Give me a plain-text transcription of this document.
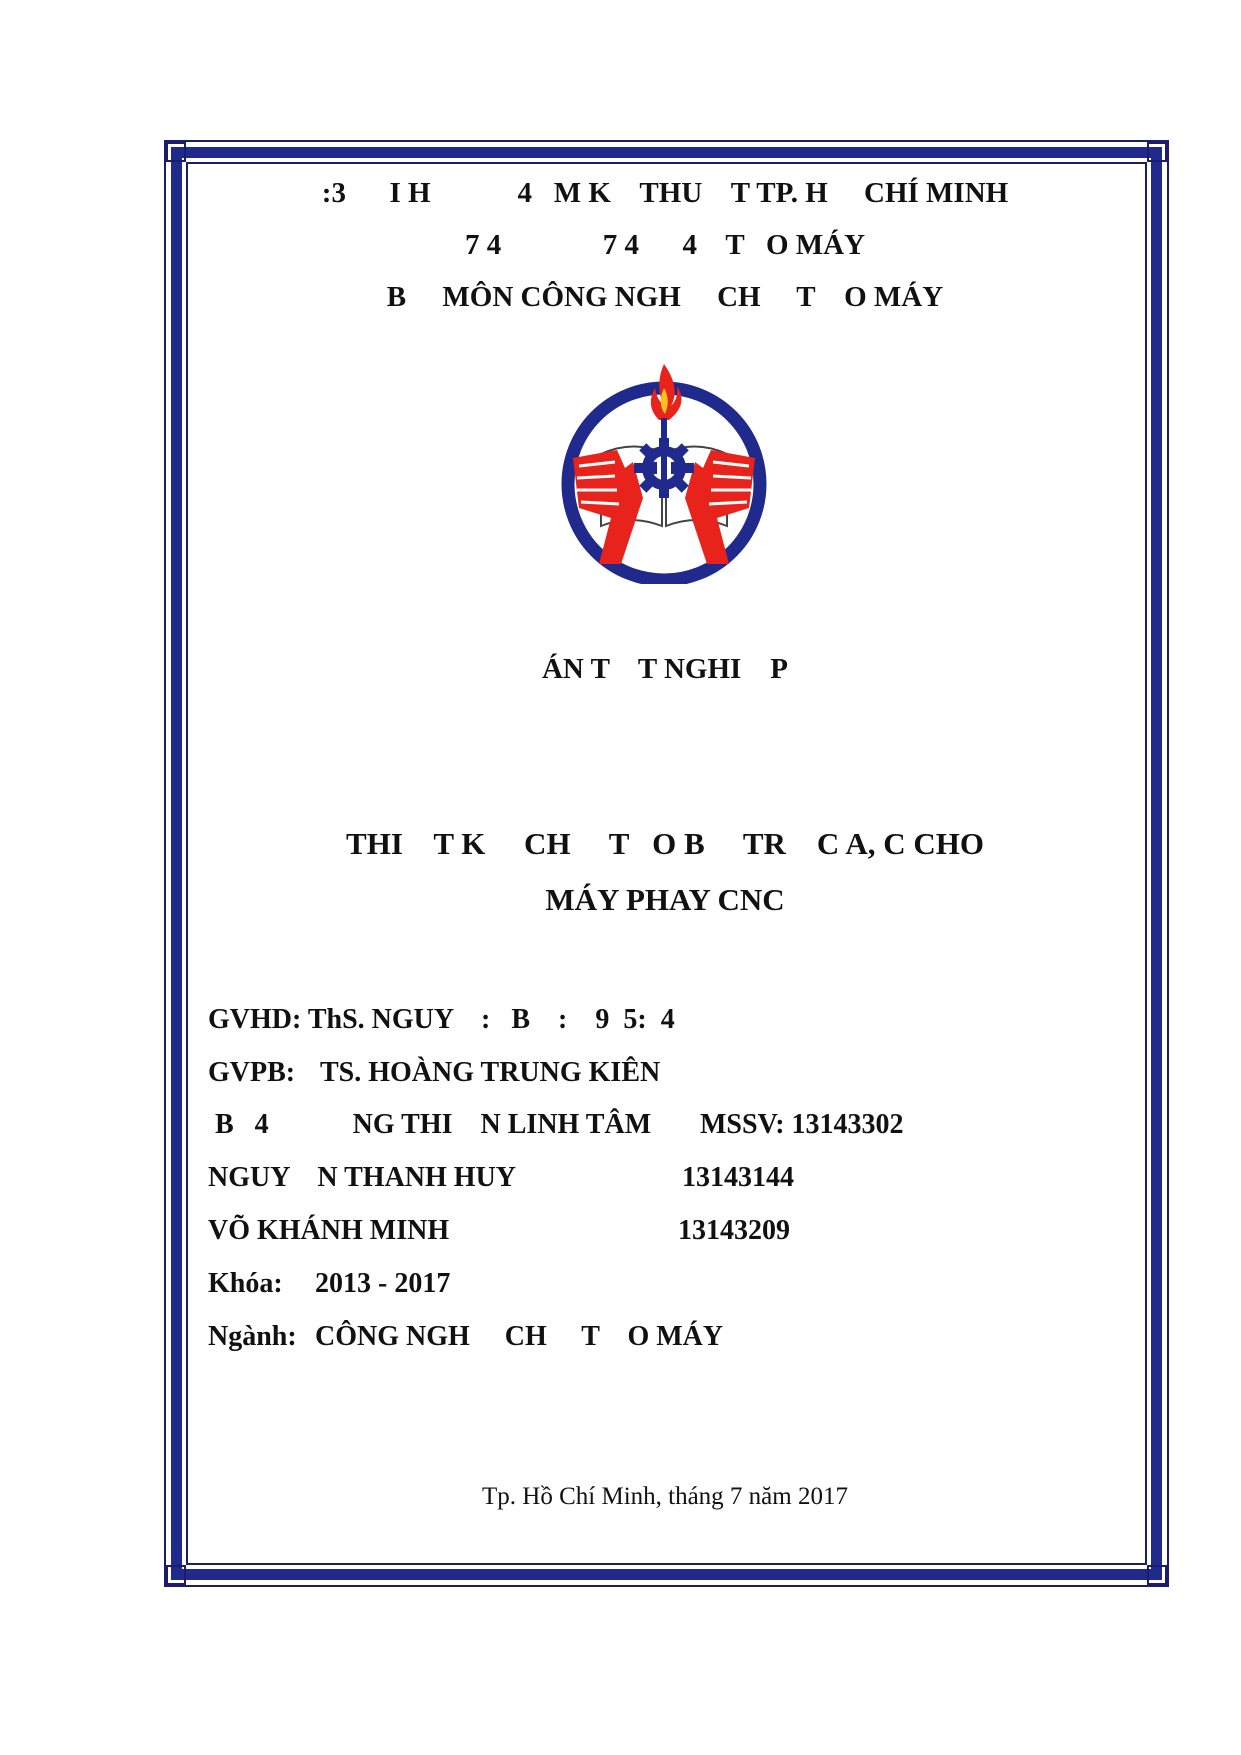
:3      I H            4   M K    THU    T TP. H     CHÍ MINH
7 4              7 4      4    T   O MÁY
B     MÔN CÔNG NGH     CH     T    O MÁY
ÁN T    T NGHI    P
THI    T K     CH     T   O B     TR    C A, C CHO
MÁY PHAY CNC
GVHD: ThS. NGUY    :   B    :    9  5:  4
GVPB: TS. HOÀNG TRUNG KIÊN
B   4            NG THI    N LINH TÂM MSSV: 13143302
NGUY    N THANH HUY	13143144
VÕ KHÁNH MINH	13143209
Khóa: 2013 - 2017
Ngành: CÔNG NGH     CH     T    O MÁY
Tp. Hồ Chí Minh, tháng 7 năm 2017
